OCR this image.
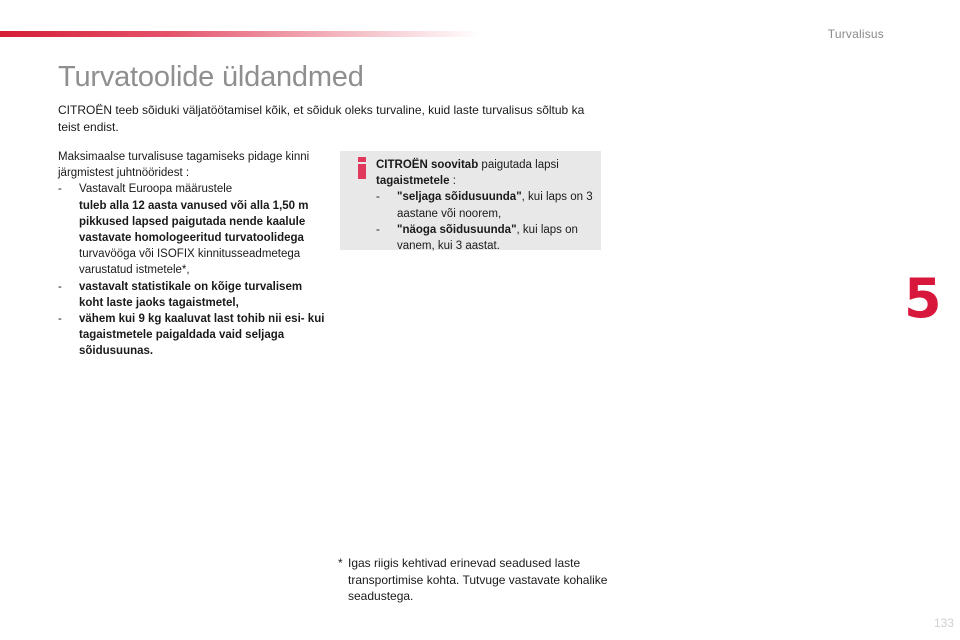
Turvalisus
Turvatoolide üldandmed

CITROËN teeb sõiduki väljatöötamisel kõik, et sõiduk oleks turvaline, kuid laste turvalisus sõltub ka teist endist.

Maksimaalse turvalisuse tagamiseks pidage kinni järgmistest juhtnööridest :

-	Vastavalt Euroopa määrustele
tuleb alla 12 aasta vanused või alla 1,50 m pikkused lapsed paigutada nende kaalule vastavate homologeeritud turvatoolidega
turvavööga või ISOFIX kinnitusseadmetega varustatud istmetele*,
-	vastavalt statistikale on kõige turvalisem koht laste jaoks tagaistmetel,
-	vähem kui 9 kg kaaluvat last tohib nii esi- kui tagaistmetele paigaldada vaid seljaga sõidusuunas.

CITROËN soovitab paigutada lapsi tagaistmetele :

-	"seljaga sõidusuunda", kui laps on 3 aastane või noorem,
-	"näoga sõidusuunda", kui laps on vanem, kui 3 aastat.
* Igas riigis kehtivad erinevad seadused laste transportimise kohta. Tutvuge vastavate kohalike seadustega.
5
133
